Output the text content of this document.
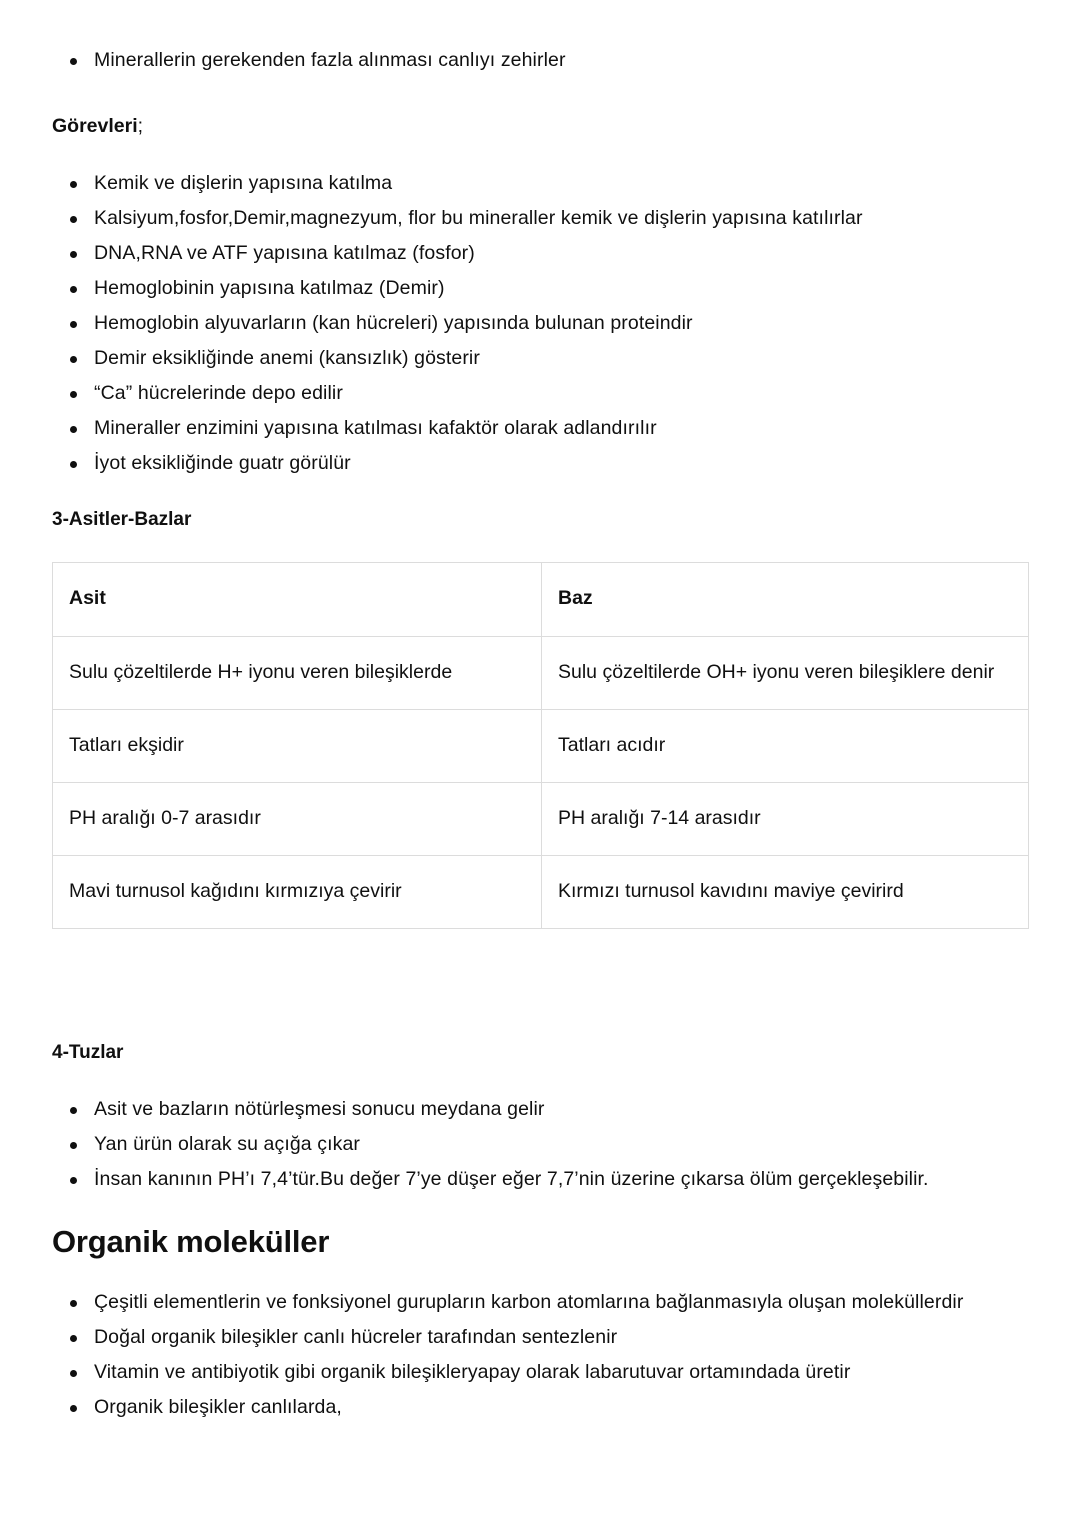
Minerallerin gerekenden fazla alınması canlıyı zehirler

Görevleri;

Kemik ve dişlerin yapısına katılma
Kalsiyum,fosfor,Demir,magnezyum, flor bu mineraller kemik ve dişlerin yapısına katılırlar
DNA,RNA ve ATF yapısına katılmaz (fosfor)
Hemoglobinin yapısına katılmaz (Demir)
Hemoglobin alyuvarların (kan hücreleri) yapısında bulunan proteindir
Demir eksikliğinde anemi (kansızlık) gösterir
“Ca” hücrelerinde depo edilir
Mineraller enzimini yapısına katılması kafaktör olarak adlandırılır
İyot eksikliğinde guatr görülür

3-Asitler-Bazlar

Asit	Baz
Sulu çözeltilerde H+ iyonu veren bileşiklerde	Sulu çözeltilerde OH+ iyonu veren bileşiklere denir
Tatları ekşidir	Tatları acıdır
PH aralığı 0-7 arasıdır	PH aralığı 7-14 arasıdır
Mavi turnusol kağıdını kırmızıya çevirir	Kırmızı turnusol kavıdını maviye çevirird

4-Tuzlar

Asit ve bazların nötürleşmesi sonucu meydana gelir
Yan ürün olarak su açığa çıkar
İnsan kanının PH’ı 7,4’tür.Bu değer 7’ye düşer eğer 7,7’nin üzerine çıkarsa ölüm gerçekleşebilir.

Organik moleküller

Çeşitli elementlerin ve fonksiyonel gurupların karbon atomlarına bağlanmasıyla oluşan moleküllerdir
Doğal organik bileşikler canlı hücreler tarafından sentezlenir
Vitamin ve antibiyotik gibi organik bileşikleryapay olarak labarutuvar ortamındada üretir
Organik bileşikler canlılarda,
